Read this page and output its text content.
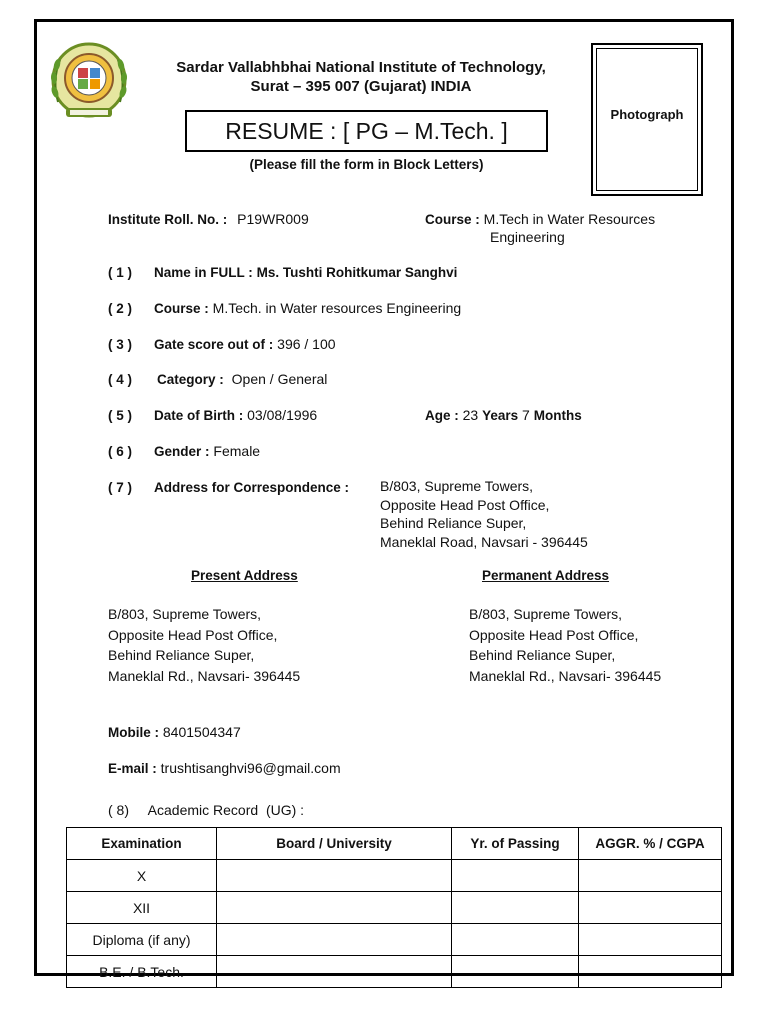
Sardar Vallabhbhai National Institute of Technology,
Surat – 395 007 (Gujarat) INDIA
RESUME : [ PG – M.Tech. ]
(Please fill the form in Block Letters)
Photograph
Institute Roll. No. : P19WR009	Course : M.Tech in Water Resources
Engineering
( 1 ) Name in FULL : Ms. Tushti Rohitkumar Sanghvi
( 2 ) Course : M.Tech. in Water resources Engineering
( 3 ) Gate score out of : 396 / 100
( 4 ) Category : Open / General
( 5 ) Date of Birth : 03/08/1996	Age : 23 Years 7 Months
( 6 ) Gender : Female
( 7 ) Address for Correspondence : B/803, Supreme Towers,
Opposite Head Post Office,
Behind Reliance Super,
Maneklal Road, Navsari - 396445
Present Address	Permanent Address
B/803, Supreme Towers,
Opposite Head Post Office,
Behind Reliance Super,
Maneklal Rd., Navsari- 396445
B/803, Supreme Towers,
Opposite Head Post Office,
Behind Reliance Super,
Maneklal Rd., Navsari- 396445
Mobile : 8401504347
E-mail : trushtisanghvi96@gmail.com
( 8)     Academic Record  (UG) :
Examination	Board / University	Yr. of Passing	AGGR. % / CGPA
X			
XII			
Diploma (if any)			
B.E. / B.Tech.			
